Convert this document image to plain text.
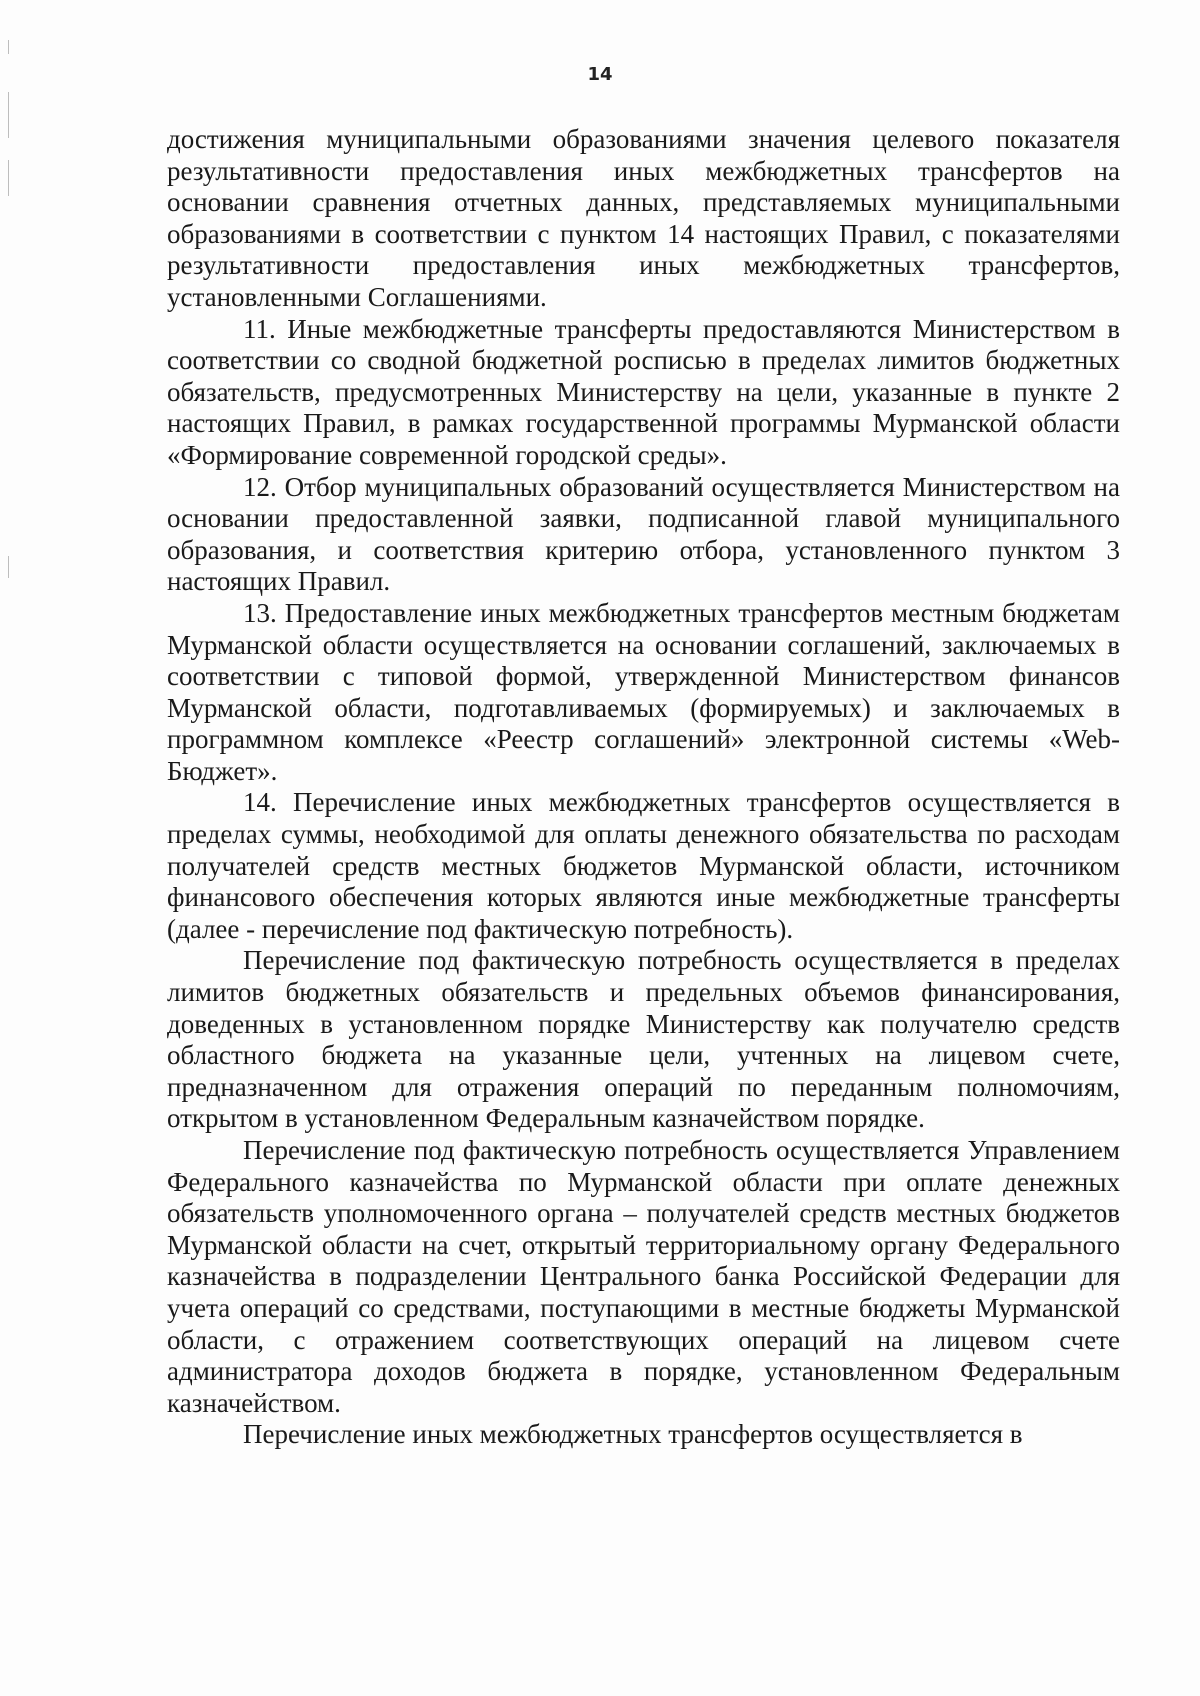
14

достижения муниципальными образованиями значения целевого показателя результативности предоставления иных межбюджетных трансфертов на основании сравнения отчетных данных, представляемых муниципальными образованиями в соответствии с пунктом 14 настоящих Правил, с показателями результативности предоставления иных межбюджетных трансфертов, установленными Соглашениями.

11. Иные межбюджетные трансферты предоставляются Министерством в соответствии со сводной бюджетной росписью в пределах лимитов бюджетных обязательств, предусмотренных Министерству на цели, указанные в пункте 2 настоящих Правил, в рамках государственной программы Мурманской области «Формирование современной городской среды».

12. Отбор муниципальных образований осуществляется Министерством на основании предоставленной заявки, подписанной главой муниципального образования, и соответствия критерию отбора, установленного пунктом 3 настоящих Правил.

13. Предоставление иных межбюджетных трансфертов местным бюджетам Мурманской области осуществляется на основании соглашений, заключаемых в соответствии с типовой формой, утвержденной Министерством финансов Мурманской области, подготавливаемых (формируемых) и заключаемых в программном комплексе «Реестр соглашений» электронной системы «Web-Бюджет».

14. Перечисление иных межбюджетных трансфертов осуществляется в пределах суммы, необходимой для оплаты денежного обязательства по расходам получателей средств местных бюджетов Мурманской области, источником финансового обеспечения которых являются иные межбюджетные трансферты (далее - перечисление под фактическую потребность).

Перечисление под фактическую потребность осуществляется в пределах лимитов бюджетных обязательств и предельных объемов финансирования, доведенных в установленном порядке Министерству как получателю средств областного бюджета на указанные цели, учтенных на лицевом счете, предназначенном для отражения операций по переданным полномочиям, открытом в установленном Федеральным казначейством порядке.

Перечисление под фактическую потребность осуществляется Управлением Федерального казначейства по Мурманской области при оплате денежных обязательств уполномоченного органа – получателей средств местных бюджетов Мурманской области на счет, открытый территориальному органу Федерального казначейства в подразделении Центрального банка Российской Федерации для учета операций со средствами, поступающими в местные бюджеты Мурманской области, с отражением соответствующих операций на лицевом счете администратора доходов бюджета в порядке, установленном Федеральным казначейством.

Перечисление иных межбюджетных трансфертов осуществляется в
